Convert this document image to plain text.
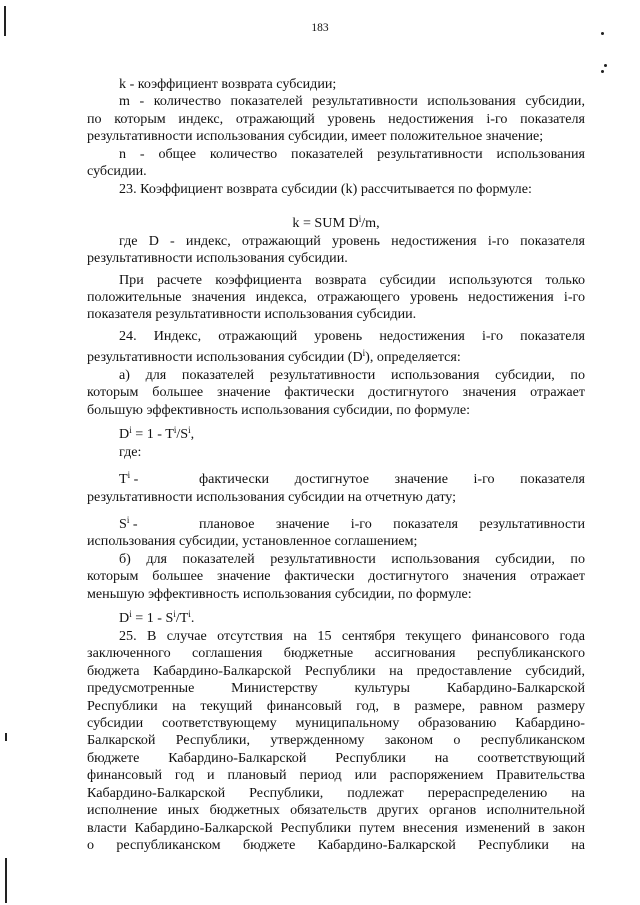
183

k - коэффициент возврата субсидии;

m - количество показателей результативности использования субсидии,

по которым индекс, отражающий уровень недостижения i-го показателя

результативности использования субсидии, имеет положительное значение;

n - общее количество показателей результативности использования

субсидии.

23. Коэффициент возврата субсидии (k) рассчитывается по формуле:

k = SUM $D^i/m$,

где D - индекс, отражающий уровень недостижения i-го показателя

результативности использования субсидии.

При расчете коэффициента возврата субсидии используются только

положительные значения индекса, отражающего уровень недостижения i-го

показателя результативности использования субсидии.

24. Индекс, отражающий уровень недостижения i-го показателя

результативности использования субсидии $(D^i)$, определяется:

а) для показателей результативности использования субсидии, по

которым большее значение фактически достигнутого значения отражает

большую эффективность использования субсидии, по формуле:

$D^i = 1 - T^i/S^i$,

где:

$T^i$ -	фактически достигнутое значение i-го показателя

результативности использования субсидии на отчетную дату;

$S^i$ -	плановое значение i-го показателя результативности

использования субсидии, установленное соглашением;

б) для показателей результативности использования субсидии, по

которым большее значение фактически достигнутого значения отражает

меньшую эффективность использования субсидии, по формуле:

$D^i = 1 - S^i/T^i$.

25. В случае отсутствия на 15 сентября текущего финансового года

заключенного соглашения бюджетные ассигнования республиканского

бюджета Кабардино-Балкарской Республики на предоставление субсидий,

предусмотренные Министерству культуры Кабардино-Балкарской

Республики на текущий финансовый год, в размере, равном размеру

субсидии соответствующему муниципальному образованию Кабардино-

Балкарской Республики, утвержденному законом о республиканском

бюджете Кабардино-Балкарской Республики на соответствующий

финансовый год и плановый период или распоряжением Правительства

Кабардино-Балкарской Республики, подлежат перераспределению на

исполнение иных бюджетных обязательств других органов исполнительной

власти Кабардино-Балкарской Республики путем внесения изменений в закон

о республиканском бюджете Кабардино-Балкарской Республики на
